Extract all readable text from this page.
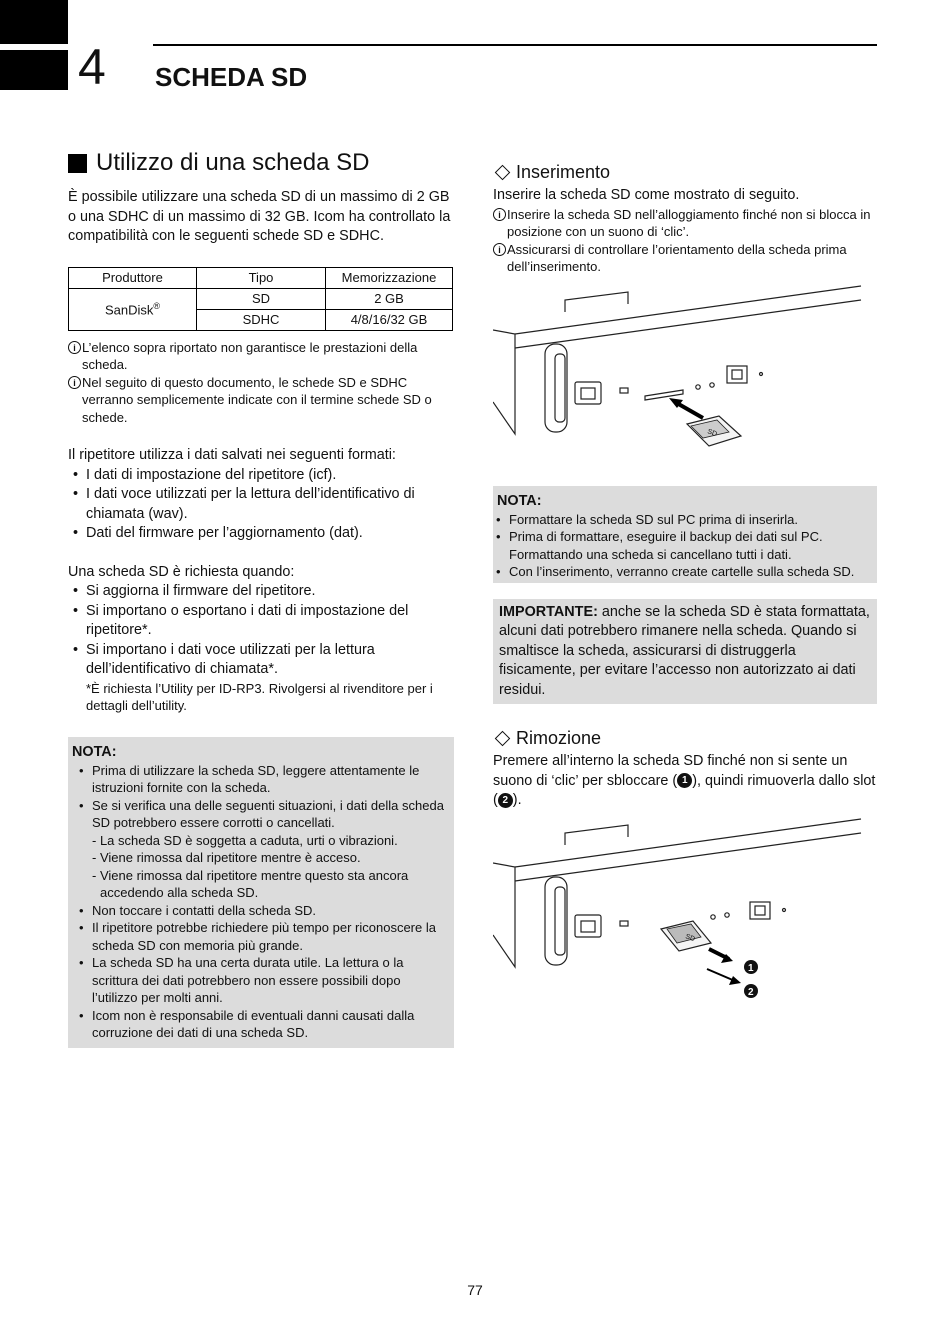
4 SCHEDA SD
Utilizzo di una scheda SD

È possibile utilizzare una scheda SD di un massimo di 2 GB o una SDHC di un massimo di 32 GB. Icom ha controllato la compatibilità con le seguenti schede SD e SDHC.

Produttore	Tipo	Memorizzazione
SanDisk®	SD	2 GB
	SDHC	4/8/16/32 GB
i L’elenco sopra riportato non garantisce le prestazioni della scheda.
i Nel seguito di questo documento, le schede SD e SDHC verranno semplicemente indicate con il termine schede SD o schede.

Il ripetitore utilizza i dati salvati nei seguenti formati:

• I dati di impostazione del ripetitore (icf).
• I dati voce utilizzati per la lettura dell’identificativo di chiamata (wav).
• Dati del firmware per l’aggiornamento (dat).

Una scheda SD è richiesta quando:

• Si aggiorna il firmware del ripetitore.
• Si importano o esportano i dati di impostazione del ripetitore*.
• Si importano i dati voce utilizzati per la lettura dell’identificativo di chiamata*.

*È richiesta l’Utility per ID-RP3. Rivolgersi al rivenditore per i dettagli dell’utility.

NOTA:
• Prima di utilizzare la scheda SD, leggere attentamente le istruzioni fornite con la scheda.
• Se si verifica una delle seguenti situazioni, i dati della scheda SD potrebbero essere corrotti o cancellati.
- La scheda SD è soggetta a caduta, urti o vibrazioni.
- Viene rimossa dal ripetitore mentre è acceso.
- Viene rimossa dal ripetitore mentre questo sta ancora accedendo alla scheda SD.
• Non toccare i contatti della scheda SD.
• Il ripetitore potrebbe richiedere più tempo per riconoscere la scheda SD con memoria più grande.
• La scheda SD ha una certa durata utile. La lettura o la scrittura dei dati potrebbero non essere possibili dopo l’utilizzo per molti anni.
• Icom non è responsabile di eventuali danni causati dalla corruzione dei dati di una scheda SD.
Inserimento

Inserire la scheda SD come mostrato di seguito.

i Inserire la scheda SD nell’alloggiamento finché non si blocca in posizione con un suono di ‘clic’.
i Assicurarsi di controllare l’orientamento della scheda prima dell’inserimento.
SD
NOTA:
• Formattare la scheda SD sul PC prima di inserirla.
• Prima di formattare, eseguire il backup dei dati sul PC. Formattando una scheda si cancellano tutti i dati.
• Con l’inserimento, verranno create cartelle sulla scheda SD.

IMPORTANTE: anche se la scheda SD è stata formattata, alcuni dati potrebbero rimanere nella scheda. Quando si smaltisce la scheda, assicurarsi di distruggerla fisicamente, per evitare l’accesso non autorizzato ai dati residui.

Rimozione

Premere all’interno la scheda SD finché non si sente un suono di ‘clic’ per sbloccare ( 1 ), quindi rimuoverla dallo slot ( 2 ).

SD
1
2
77
